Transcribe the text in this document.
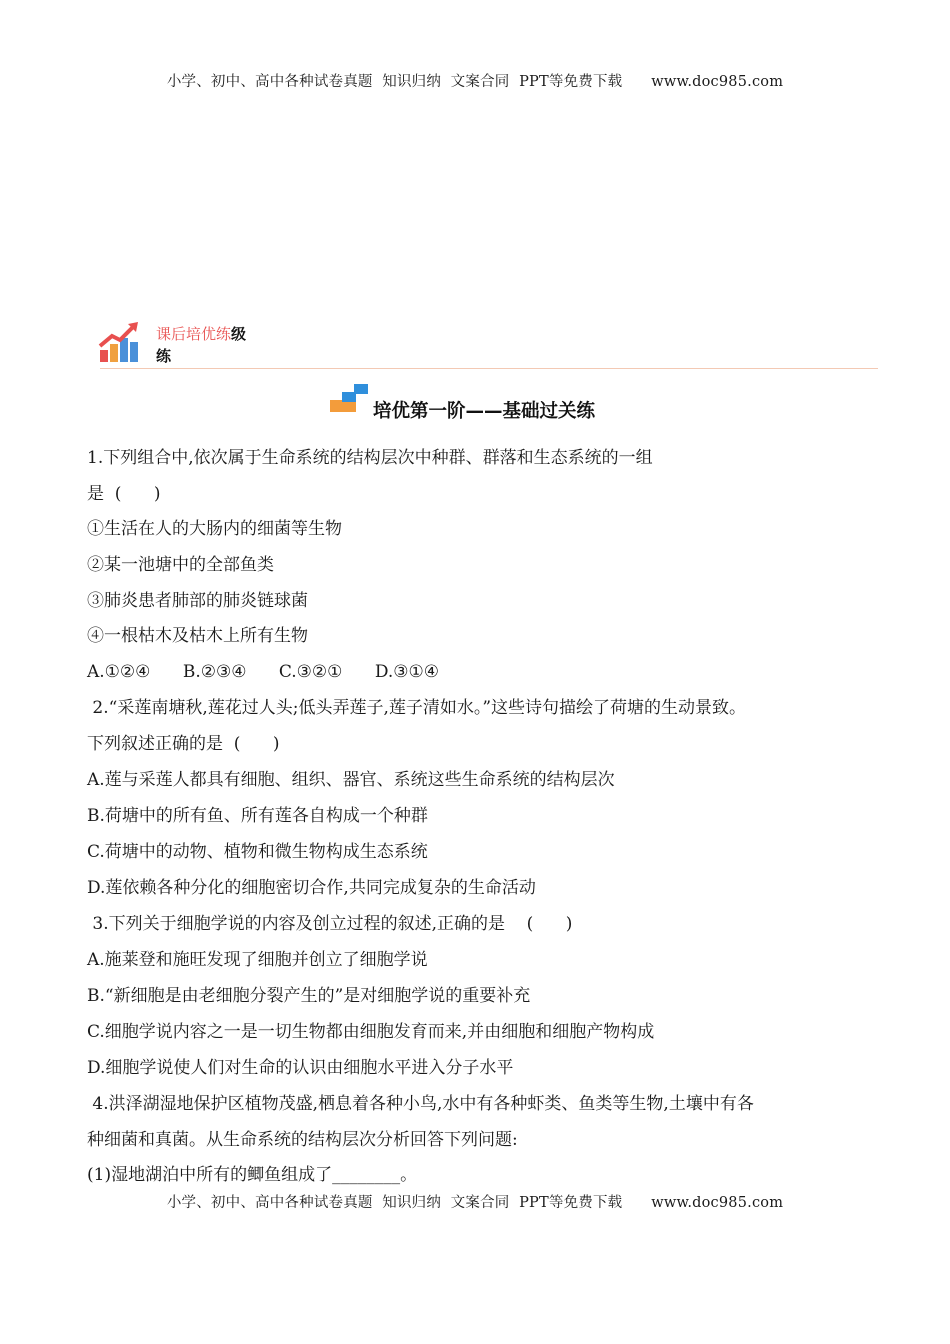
小学、初中、高中各种试卷真题  知识归纳  文案合同  PPT等免费下载      www.doc985.com
课后培优练级
练
培优第一阶——基础过关练
1.下列组合中,依次属于生命系统的结构层次中种群、群落和生态系统的一组
是  (      )
①生活在人的大肠内的细菌等生物
②某一池塘中的全部鱼类
③肺炎患者肺部的肺炎链球菌
④一根枯木及枯木上所有生物
A.①②④      B.②③④      C.③②①      D.③①④
2.“采莲南塘秋,莲花过人头;低头弄莲子,莲子清如水。”这些诗句描绘了荷塘的生动景致。
下列叙述正确的是  (      )
A.莲与采莲人都具有细胞、组织、器官、系统这些生命系统的结构层次
B.荷塘中的所有鱼、所有莲各自构成一个种群
C.荷塘中的动物、植物和微生物构成生态系统
D.莲依赖各种分化的细胞密切合作,共同完成复杂的生命活动
3.下列关于细胞学说的内容及创立过程的叙述,正确的是    (      )
A.施莱登和施旺发现了细胞并创立了细胞学说
B.“新细胞是由老细胞分裂产生的”是对细胞学说的重要补充
C.细胞学说内容之一是一切生物都由细胞发育而来,并由细胞和细胞产物构成
D.细胞学说使人们对生命的认识由细胞水平进入分子水平
4.洪泽湖湿地保护区植物茂盛,栖息着各种小鸟,水中有各种虾类、鱼类等生物,土壤中有各
种细菌和真菌。从生命系统的结构层次分析回答下列问题:
(1)湿地湖泊中所有的鲫鱼组成了________。
小学、初中、高中各种试卷真题  知识归纳  文案合同  PPT等免费下载      www.doc985.com
